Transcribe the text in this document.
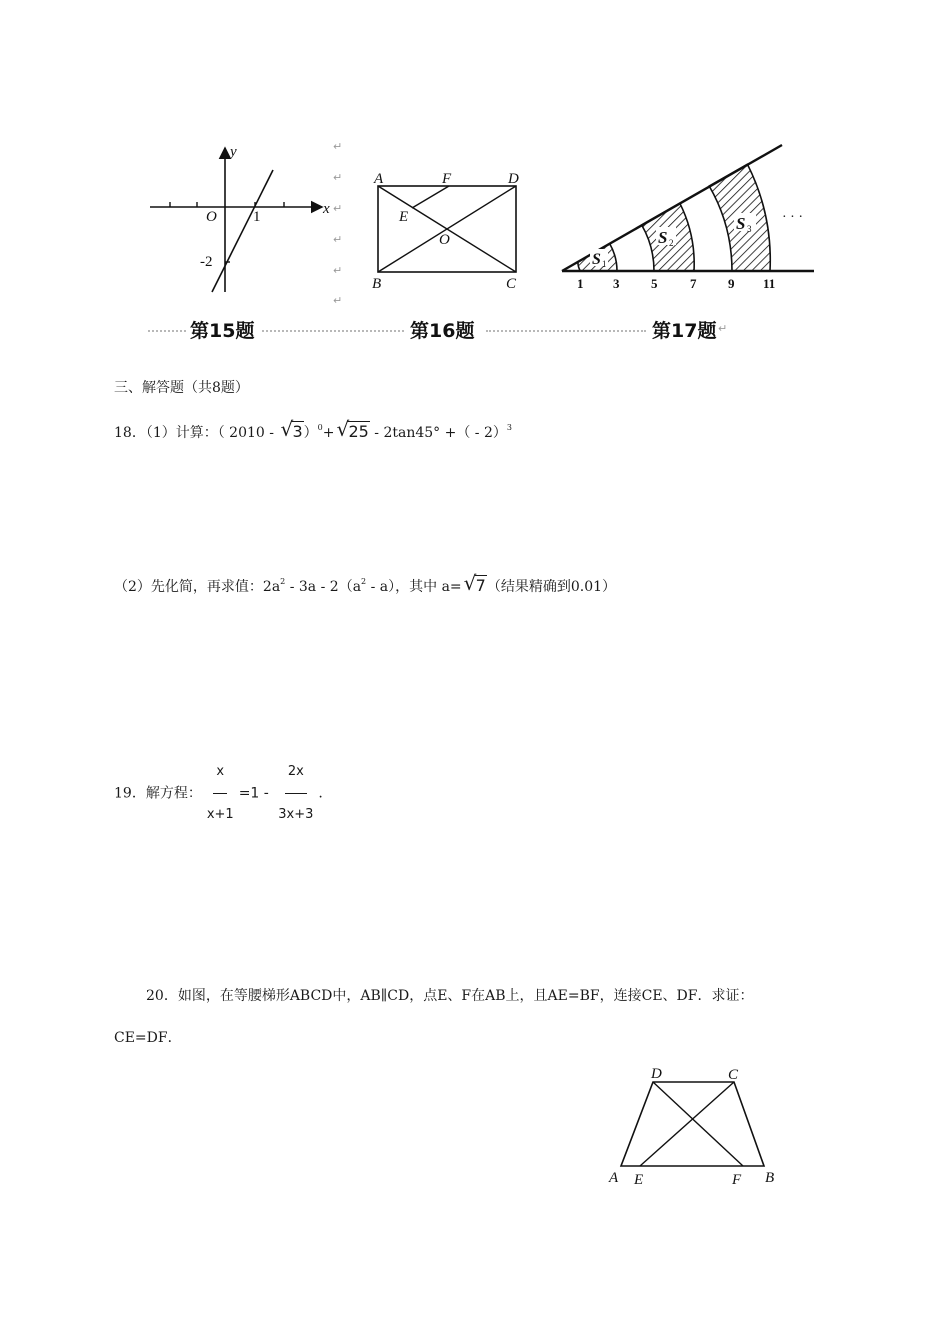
y
x
O 1
-2
↵
↵
↵
↵
↵
↵
A	F	D
E
O
B	C
S 1
S 2
S 3
· · ·
1 3 5	7 9 11
第15题	第16题	第17题 ↵
三、解答题（共8题）
18．（1）计算：（ 2010 - √ 3）$^0$+ √ 25 - 2tan45° +（ - 2）$^3$
（2）先化简，再求值：$2a^2 - 3a - 2(a^2 - a)$，其中 a= √ 7（结果精确到0.01）
19．解方程： $\frac{x}{x+1} =1 - \frac{2x}{3x+3}$ .
20．如图，在等腰梯形ABCD中，AB∥CD，点E、F在AB上，且AE=BF，连接CE、DF．求证：
CE=DF．
D	C
A E	F B
